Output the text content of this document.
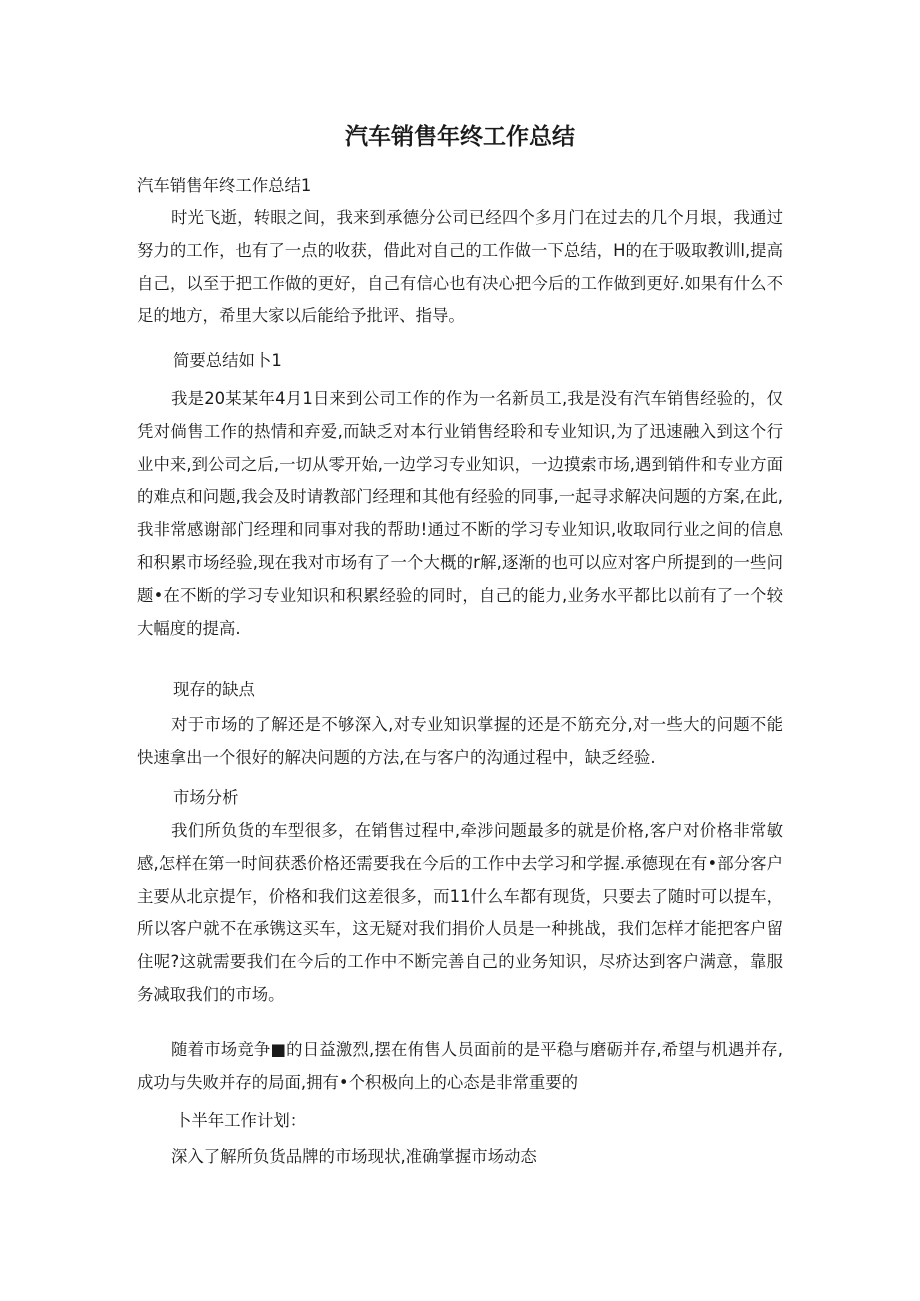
汽车销售年终工作总结

汽车销售年终工作总结1

时光飞逝，转眼之间，我来到承德分公司已经四个多月门在过去的几个月垠，我通过努力的工作，也有了一点的收获，借此对自己的工作做一下总结，H的在于吸取教训l,提高自己，以至于把工作做的更好，自己有信心也有决心把今后的工作做到更好.如果有什么不足的地方，希里大家以后能给予批评、指导。

简要总结如卜1

我是20某某年4月1日来到公司工作的作为一名新员工,我是没有汽车销售经验的，仅凭对倘售工作的热情和弃爱,而缺乏对本行业销售经聆和专业知识,为了迅速融入到这个行业中来,到公司之后,一切从零开始,一边学习专业知识，一边摸索市场,遇到销件和专业方面的难点和问题,我会及时请教部门经理和其他有经验的同事,一起寻求解决问题的方案,在此,我非常感谢部门经理和同事对我的帮助!通过不断的学习专业知识,收取同行业之间的信息和积累市场经验,现在我对市场有了一个大概的r解,逐渐的也可以应对客户所提到的一些问题•在不断的学习专业知识和积累经验的同时，自己的能力,业务水平都比以前有了一个较大幅度的提高.

现存的缺点

对于市场的了解还是不够深入,对专业知识掌握的还是不筋充分,对一些大的问题不能快速拿出一个很好的解决问题的方法,在与客户的沟通过程中，缺乏经验.

市场分析

我们所负货的车型很多，在销售过程中,牵涉问题最多的就是价格,客户对价格非常敏感,怎样在第一时间获悉价格还需要我在今后的工作中去学习和学握.承德现在有•部分客户主要从北京提乍，价格和我们这差很多，而11什么车都有现货，只要去了随时可以提车，所以客户就不在承镌这买车，这无疑对我们捐价人员是一种挑战，我们怎样才能把客户留住呢?这就需要我们在今后的工作中不断完善自己的业务知识，尽疥达到客户满意，靠服务减取我们的市场。

随着市场竞争■的日益激烈,摆在侑售人员面前的是平稳与磨砺并存,希望与机遇并存,成功与失败并存的局面,拥有•个积极向上的心态是非常重要的

卜半年工作计划：

深入了解所负货品牌的市场现状,准确掌握市场动态
